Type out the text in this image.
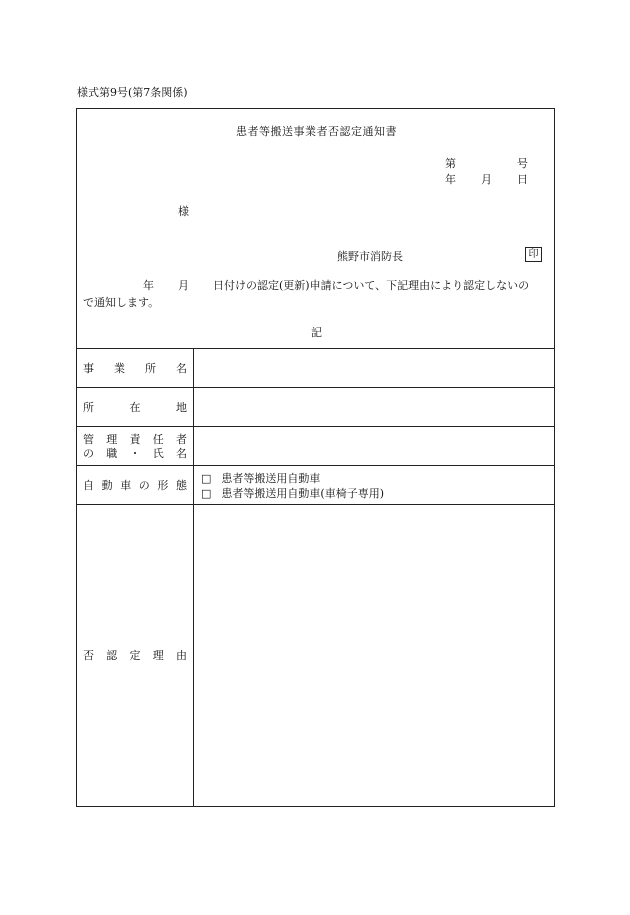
様式第9号(第7条関係)
患者等搬送事業者否認定通知書
第	号
年 月 日
様
熊野市消防長	印
年 月 日付けの認定(更新)申請について、下記理由により認定しないの
で通知します。
記
事 業 所 名
所 在 地
管 理 責 任 者
の 職 ・ 氏 名
自 動 車 の 形 態
□ 患者等搬送用自動車
□ 患者等搬送用自動車(車椅子専用)
否 認 定 理 由
